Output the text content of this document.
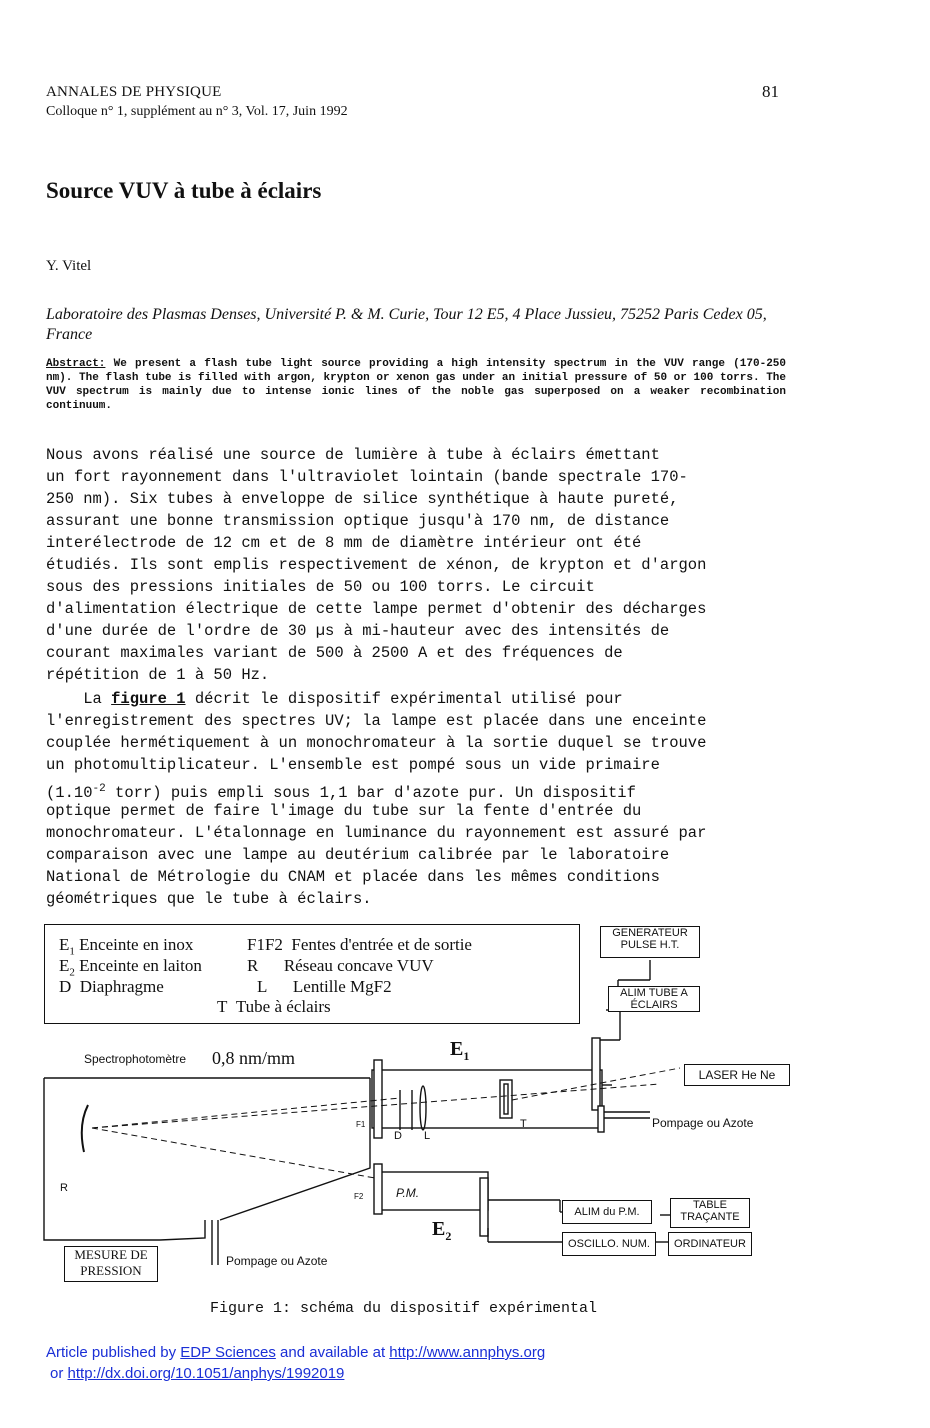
ANNALES DE PHYSIQUE
Colloque n° 1, supplément au n° 3, Vol. 17, Juin 1992
81
Source VUV à tube à éclairs
Y. Vitel
Laboratoire des Plasmas Denses, Université P. & M. Curie, Tour 12 E5, 4 Place Jussieu, 75252 Paris Cedex 05, France
Abstract: We present a flash tube light source providing a high intensity spectrum in the VUV range (170-250 nm). The flash tube is filled with argon, krypton or xenon gas under an initial pressure of 50 or 100 torrs. The VUV spectrum is mainly due to intense ionic lines of the noble gas superposed on a weaker recombination continuum.
Nous avons réalisé une source de lumière à tube à éclairs émettant
un fort rayonnement dans l'ultraviolet lointain (bande spectrale 170-
250 nm). Six tubes à enveloppe de silice synthétique à haute pureté,
assurant une bonne transmission optique jusqu'à 170 nm, de distance
interélectrode de 12 cm et de 8 mm de diamètre intérieur ont été
étudiés. Ils sont emplis respectivement de xénon, de krypton et d'argon
sous des pressions initiales de 50 ou 100 torrs. Le circuit
d'alimentation électrique de cette lampe permet d'obtenir des décharges
d'une durée de l'ordre de 30 µs à mi-hauteur avec des intensités de
courant maximales variant de 500 à 2500 A et des fréquences de
répétition de 1 à 50 Hz.
La figure 1 décrit le dispositif expérimental utilisé pour
l'enregistrement des spectres UV; la lampe est placée dans une enceinte
couplée hermétiquement à un monochromateur à la sortie duquel se trouve
un photomultiplicateur. L'ensemble est pompé sous un vide primaire
($1.10^{-2}$ torr) puis empli sous 1,1 bar d'azote pur. Un dispositif
optique permet de faire l'image du tube sur la fente d'entrée du
monochromateur. L'étalonnage en luminance du rayonnement est assuré par
comparaison avec une lampe au deutérium calibrée par le laboratoire
National de Métrologie du CNAM et placée dans les mêmes conditions
géométriques que le tube à éclairs.
$E_1$ Enceinte en inox
$E_2$ Enceinte en laiton
D Diaphragme
F1F2 Fentes d'entrée et de sortie
R Réseau concave VUV
L Lentille MgF2
T Tube à éclairs
GENERATEUR PULSE H.T.
ALIM TUBE A ÉCLAIRS
Spectrophotomètre 0,8 nm/mm	$E_1$
$E_2$
LASER He Ne
Pompage ou Azote
Pompage ou Azote
R
F1
F2
D L
T
P.M.
ALIM du P.M.
TABLE TRAÇANTE
OSCILLO. NUM.	ORDINATEUR
MESURE DE PRESSION
Figure 1: schéma du dispositif expérimental
Article published by EDP Sciences and available at http://www.annphys.org
or http://dx.doi.org/10.1051/anphys/1992019
